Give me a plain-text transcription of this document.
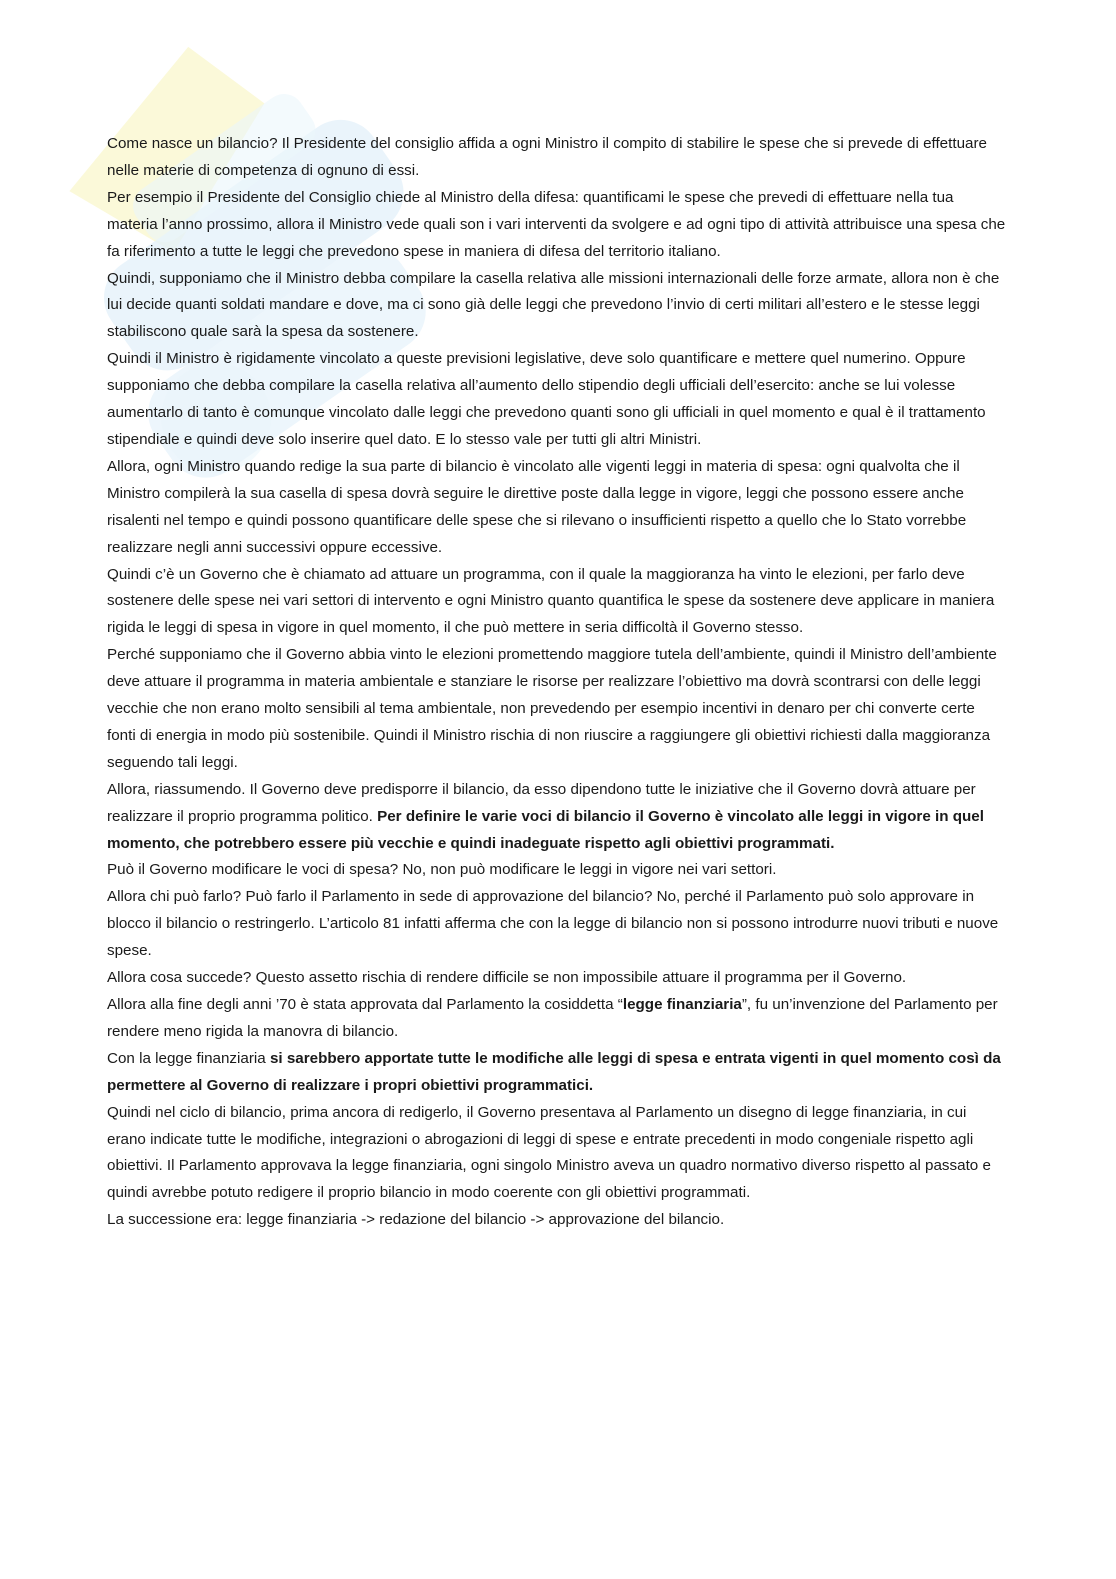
Come nasce un bilancio? Il Presidente del consiglio affida a ogni Ministro il compito di stabilire le spese che si prevede di effettuare nelle materie di competenza di ognuno di essi.

Per esempio il Presidente del Consiglio chiede al Ministro della difesa: quantificami le spese che prevedi di effettuare nella tua materia l’anno prossimo, allora il Ministro vede quali son i vari interventi da svolgere e ad ogni tipo di attività attribuisce una spesa che fa riferimento a tutte le leggi che prevedono spese in maniera di difesa del territorio italiano.

Quindi, supponiamo che il Ministro debba compilare la casella relativa alle missioni internazionali delle forze armate, allora non è che lui decide quanti soldati mandare e dove, ma ci sono già delle leggi che prevedono l’invio di certi militari all’estero e le stesse leggi stabiliscono quale sarà la spesa da sostenere.

Quindi il Ministro è rigidamente vincolato a queste previsioni legislative, deve solo quantificare e mettere quel numerino. Oppure supponiamo che debba compilare la casella relativa all’aumento dello stipendio degli ufficiali dell’esercito: anche se lui volesse aumentarlo di tanto è comunque vincolato dalle leggi che prevedono quanti sono gli ufficiali in quel momento e qual è il trattamento stipendiale e quindi deve solo inserire quel dato. E lo stesso vale per tutti gli altri Ministri.

Allora, ogni Ministro quando redige la sua parte di bilancio è vincolato alle vigenti leggi in materia di spesa: ogni qualvolta che il Ministro compilerà la sua casella di spesa dovrà seguire le direttive poste dalla legge in vigore, leggi che possono essere anche risalenti nel tempo e quindi possono quantificare delle spese che si rilevano o insufficienti rispetto a quello che lo Stato vorrebbe realizzare negli anni successivi oppure eccessive.

Quindi c’è un Governo che è chiamato ad attuare un programma, con il quale la maggioranza ha vinto le elezioni, per farlo deve sostenere delle spese nei vari settori di intervento e ogni Ministro quanto quantifica le spese da sostenere deve applicare in maniera rigida le leggi di spesa in vigore in quel momento, il che può mettere in seria difficoltà il Governo stesso.

Perché supponiamo che il Governo abbia vinto le elezioni promettendo maggiore tutela dell’ambiente, quindi il Ministro dell’ambiente deve attuare il programma in materia ambientale e stanziare le risorse per realizzare l’obiettivo ma dovrà scontrarsi con delle leggi vecchie che non erano molto sensibili al tema ambientale, non prevedendo per esempio incentivi in denaro per chi converte certe fonti di energia in modo più sostenibile. Quindi il Ministro rischia di non riuscire a raggiungere gli obiettivi richiesti dalla maggioranza seguendo tali leggi.

Allora, riassumendo. Il Governo deve predisporre il bilancio, da esso dipendono tutte le iniziative che il Governo dovrà attuare per realizzare il proprio programma politico. Per definire le varie voci di bilancio il Governo è vincolato alle leggi in vigore in quel momento, che potrebbero essere più vecchie e quindi inadeguate rispetto agli obiettivi programmati.

Può il Governo modificare le voci di spesa? No, non può modificare le leggi in vigore nei vari settori.

Allora chi può farlo? Può farlo il Parlamento in sede di approvazione del bilancio? No, perché il Parlamento può solo approvare in blocco il bilancio o restringerlo. L’articolo 81 infatti afferma che con la legge di bilancio non si possono introdurre nuovi tributi e nuove spese.

Allora cosa succede? Questo assetto rischia di rendere difficile se non impossibile attuare il programma per il Governo.

Allora alla fine degli anni ’70 è stata approvata dal Parlamento la cosiddetta “legge finanziaria”, fu un’invenzione del Parlamento per rendere meno rigida la manovra di bilancio.

Con la legge finanziaria si sarebbero apportate tutte le modifiche alle leggi di spesa e entrata vigenti in quel momento così da permettere al Governo di realizzare i propri obiettivi programmatici.

Quindi nel ciclo di bilancio, prima ancora di redigerlo, il Governo presentava al Parlamento un disegno di legge finanziaria, in cui erano indicate tutte le modifiche, integrazioni o abrogazioni di leggi di spese e entrate precedenti in modo congeniale rispetto agli obiettivi. Il Parlamento approvava la legge finanziaria, ogni singolo Ministro aveva un quadro normativo diverso rispetto al passato e quindi avrebbe potuto redigere il proprio bilancio in modo coerente con gli obiettivi programmati.

La successione era: legge finanziaria -> redazione del bilancio -> approvazione del bilancio.
